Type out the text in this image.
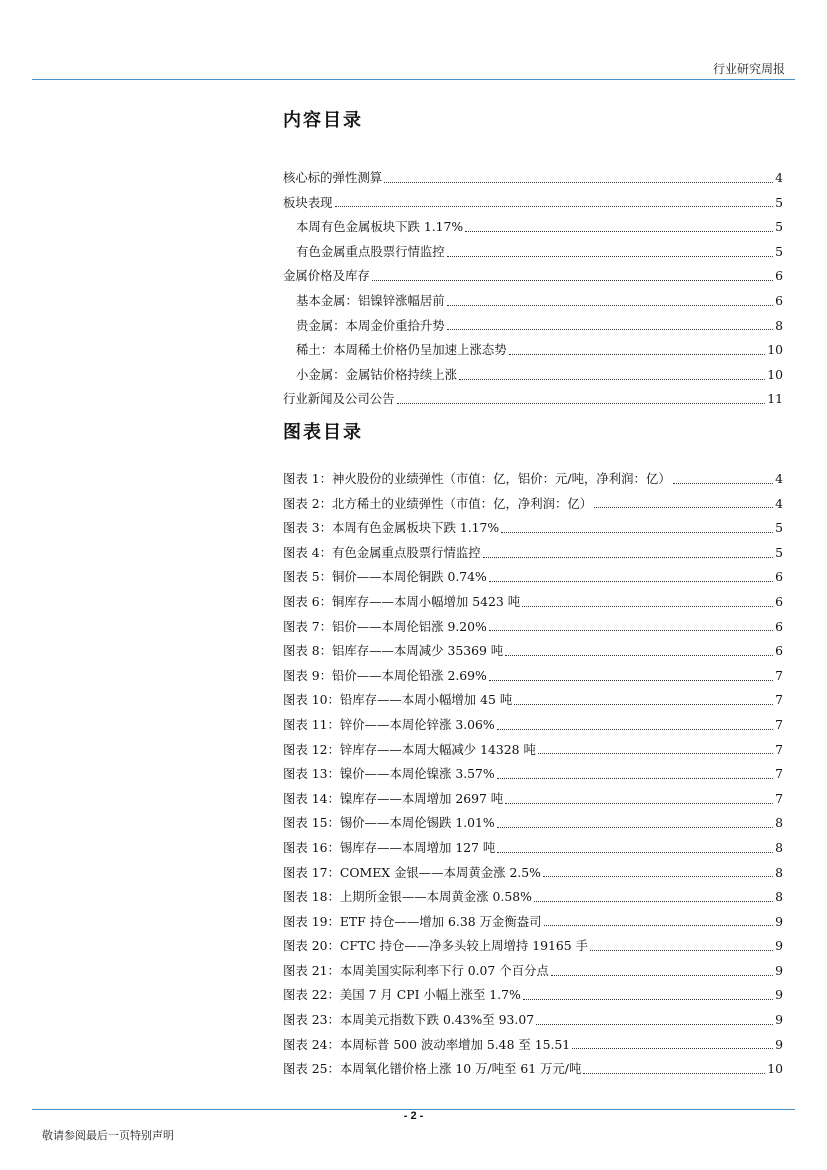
行业研究周报
内容目录
核心标的弹性测算	4
板块表现	5
本周有色金属板块下跌 1.17%	5
有色金属重点股票行情监控	5
金属价格及库存	6
基本金属：铝镍锌涨幅居前	6
贵金属：本周金价重拾升势	8
稀土：本周稀土价格仍呈加速上涨态势	10
小金属：金属钴价格持续上涨	10
行业新闻及公司公告	11
图表目录
图表 1：神火股份的业绩弹性（市值：亿，铝价：元/吨，净利润：亿）	4
图表 2：北方稀土的业绩弹性（市值：亿，净利润：亿）	4
图表 3：本周有色金属板块下跌 1.17%	5
图表 4：有色金属重点股票行情监控	5
图表 5：铜价——本周伦铜跌 0.74%	6
图表 6：铜库存——本周小幅增加 5423 吨	6
图表 7：铝价——本周伦铝涨 9.20%	6
图表 8：铝库存——本周减少 35369 吨	6
图表 9：铅价——本周伦铅涨 2.69%	7
图表 10：铅库存——本周小幅增加 45 吨	7
图表 11：锌价——本周伦锌涨 3.06%	7
图表 12：锌库存——本周大幅减少 14328 吨	7
图表 13：镍价——本周伦镍涨 3.57%	7
图表 14：镍库存——本周增加 2697 吨	7
图表 15：锡价——本周伦锡跌 1.01%	8
图表 16：锡库存——本周增加 127 吨	8
图表 17：COMEX 金银——本周黄金涨 2.5%	8
图表 18：上期所金银——本周黄金涨 0.58%	8
图表 19：ETF 持仓——增加 6.38 万金衡盎司	9
图表 20：CFTC 持仓——净多头较上周增持 19165 手	9
图表 21：本周美国实际利率下行 0.07 个百分点	9
图表 22：美国 7 月 CPI 小幅上涨至 1.7%	9
图表 23：本周美元指数下跌 0.43%至 93.07	9
图表 24：本周标普 500 波动率增加 5.48 至 15.51	9
图表 25：本周氧化镨价格上涨 10 万/吨至 61 万元/吨	10
- 2 -
敬请参阅最后一页特别声明
